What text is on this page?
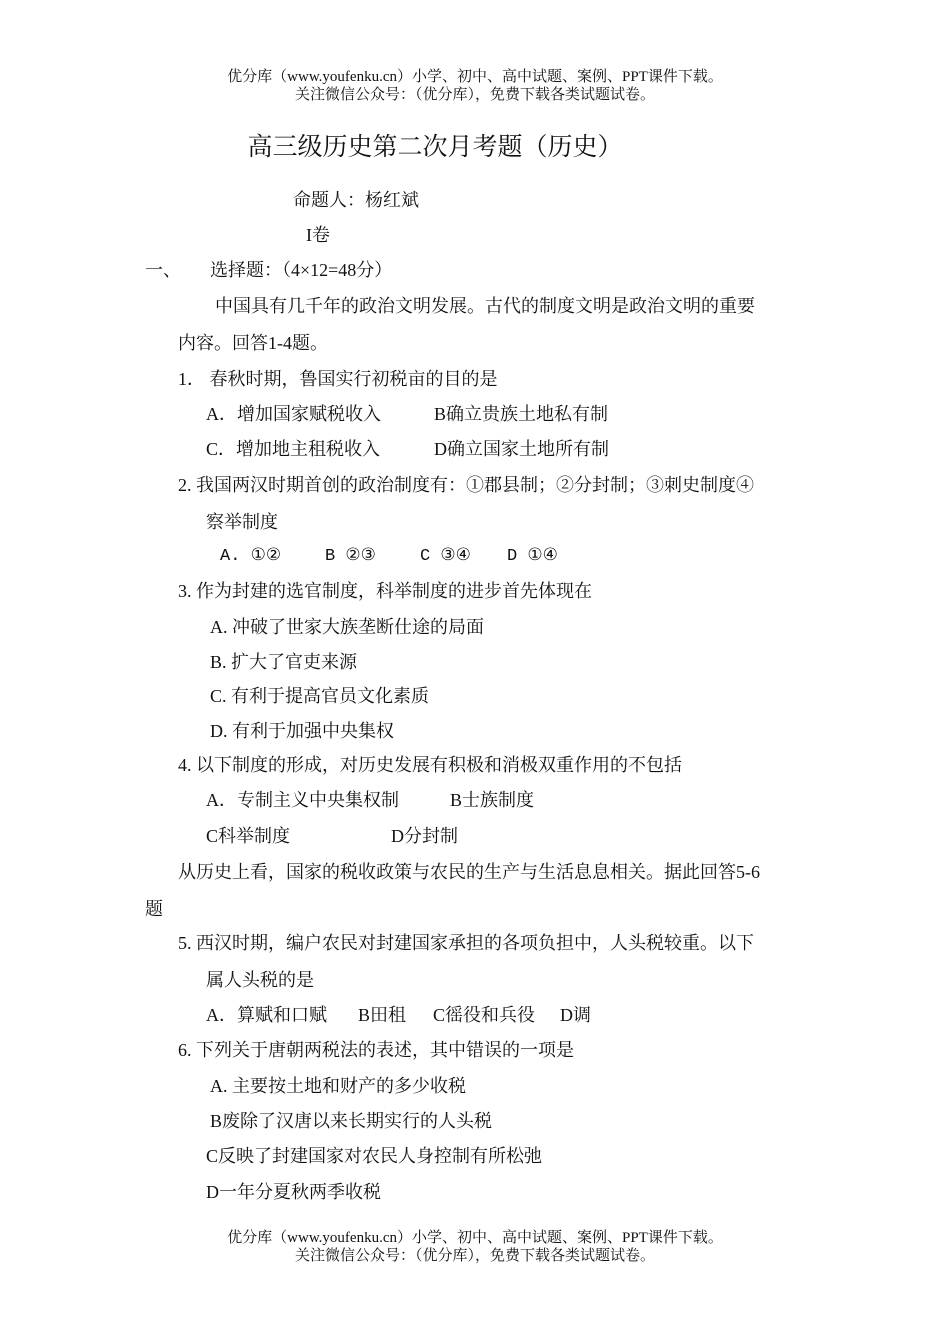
优分库（www.youfenku.cn）小学、初中、高中试题、案例、PPT课件下载。
关注微信公众号：（优分库），免费下载各类试题试卷。
高三级历史第二次月考题（历史）
命题人：杨红斌
I卷
一、 选择题：（4×12=48分）
中国具有几千年的政治文明发展。古代的制度文明是政治文明的重要
内容。回答1-4题。
1． 春秋时期，鲁国实行初税亩的目的是
A．增加国家赋税收入	B确立贵族土地私有制
C．增加地主租税收入	D确立国家土地所有制
2. 我国两汉时期首创的政治制度有：①郡县制；②分封制；③刺史制度④
察举制度
A. ①②	B ②③	C ③④ D ①④
3. 作为封建的选官制度，科举制度的进步首先体现在
A. 冲破了世家大族垄断仕途的局面
B. 扩大了官吏来源
C. 有利于提高官员文化素质
D. 有利于加强中央集权
4. 以下制度的形成，对历史发展有积极和消极双重作用的不包括
A．专制主义中央集权制	B士族制度
C科举制度	D分封制
从历史上看，国家的税收政策与农民的生产与生活息息相关。据此回答5-6
题
5. 西汉时期，编户农民对封建国家承担的各项负担中，人头税较重。以下
属人头税的是
A．算赋和口赋 B田租 C徭役和兵役 D调
6. 下列关于唐朝两税法的表述，其中错误的一项是
A. 主要按土地和财产的多少收税
B废除了汉唐以来长期实行的人头税
C反映了封建国家对农民人身控制有所松弛
D一年分夏秋两季收税
优分库（www.youfenku.cn）小学、初中、高中试题、案例、PPT课件下载。
关注微信公众号：（优分库），免费下载各类试题试卷。
